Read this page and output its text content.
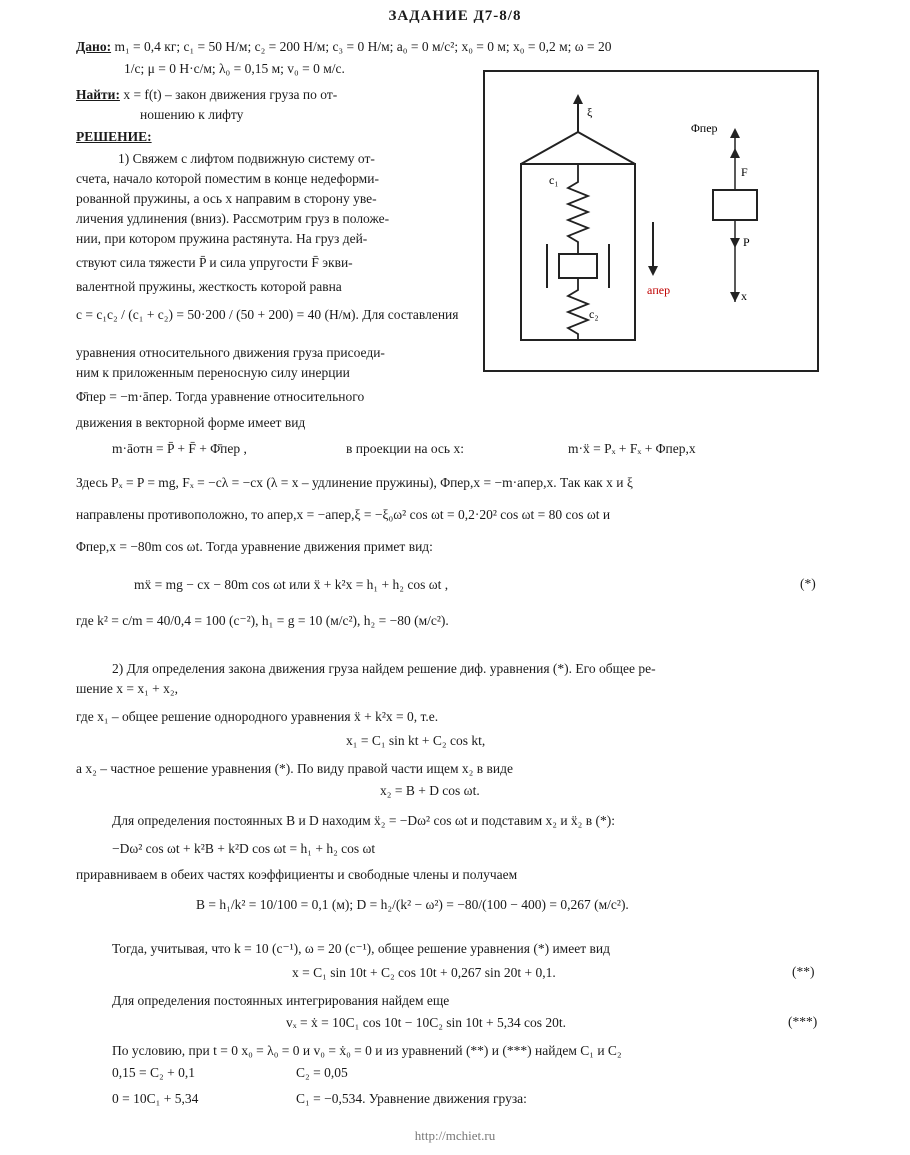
ЗАДАНИЕ Д7-8/8
Дано: m₁ = 0,4 кг; c₁ = 50 Н/м; c₂ = 200 Н/м; c₃ = 0 Н/м; a₀ = 0 м/с²; x₀ = 0 м; x₀ = 0,2 м; ω = 20
1/с; μ = 0 Н·с/м; λ₀ = 0,15 м; v₀ = 0 м/с.
Найти: x = f(t) – закон движения груза по от-
ношению к лифту
РЕШЕНИЕ:
1) Свяжем с лифтом подвижную систему от-
счета, начало которой поместим в конце недеформи-
рованной пружины, а ось x направим в сторону уве-
личения удлинения (вниз). Рассмотрим груз в положе-
нии, при котором пружина растянута. На груз дей-
ствуют сила тяжести P̄ и сила упругости F̄ экви-
валентной пружины, жесткость которой равна
c = c₁c₂ / (c₁ + c₂) = 50·200 / (50 + 200) = 40 (Н/м). Для составления
уравнения относительного движения груза присоеди-
ним к приложенным переносную силу инерции
Φ̄пер = −m·āпер. Тогда уравнение относительного
движения в векторной форме имеет вид
m·āотн = P̄ + F̄ + Φ̄пер ,	в проекции на ось x:	m·ẍ = Pₓ + Fₓ + Φпер,x
Здесь Pₓ = P = mg, Fₓ = −cλ = −cx (λ = x – удлинение пружины), Φпер,x = −m·aпер,x. Так как x и ξ
направлены противоположно, то aпер,x = −aпер,ξ = −ξ₀ω² cos ωt = 0,2·20² cos ωt = 80 cos ωt и
Φпер,x = −80m cos ωt. Тогда уравнение движения примет вид:
mẍ = mg − cx − 80m cos ωt или ẍ + k²x = h₁ + h₂ cos ωt ,	(*)
где k² = c/m = 40/0,4 = 100 (c⁻²), h₁ = g = 10 (м/с²), h₂ = −80 (м/с²).
2) Для определения закона движения груза найдем решение диф. уравнения (*). Его общее ре-
шение x = x₁ + x₂,
где x₁ – общее решение однородного уравнения ẍ + k²x = 0, т.е.
x₁ = C₁ sin kt + C₂ cos kt,
а x₂ – частное решение уравнения (*). По виду правой части ищем x₂ в виде
x₂ = B + D cos ωt.
Для определения постоянных B и D находим ẍ₂ = −Dω² cos ωt и подставим x₂ и ẍ₂ в (*):
−Dω² cos ωt + k²B + k²D cos ωt = h₁ + h₂ cos ωt
приравниваем в обеих частях коэффициенты и свободные члены и получаем
B = h₁/k² = 10/100 = 0,1 (м); D = h₂/(k² − ω²) = −80/(100 − 400) = 0,267 (м/с²).
Тогда, учитывая, что k = 10 (c⁻¹), ω = 20 (c⁻¹), общее решение уравнения (*) имеет вид
x = C₁ sin 10t + C₂ cos 10t + 0,267 sin 20t + 0,1.	(**)
Для определения постоянных интегрирования найдем еще
vₓ = ẋ = 10C₁ cos 10t − 10C₂ sin 10t + 5,34 cos 20t.	(***)
По условию, при t = 0 x₀ = λ₀ = 0 и v₀ = ẋ₀ = 0 и из уравнений (**) и (***) найдем C₁ и C₂
0,15 = C₂ + 0,1	C₂ = 0,05
0 = 10C₁ + 5,34	C₁ = −0,534. Уравнение движения груза:
http://mchiet.ru
ξ
c₁
c₂
aпер
Φпер
F
P
x
